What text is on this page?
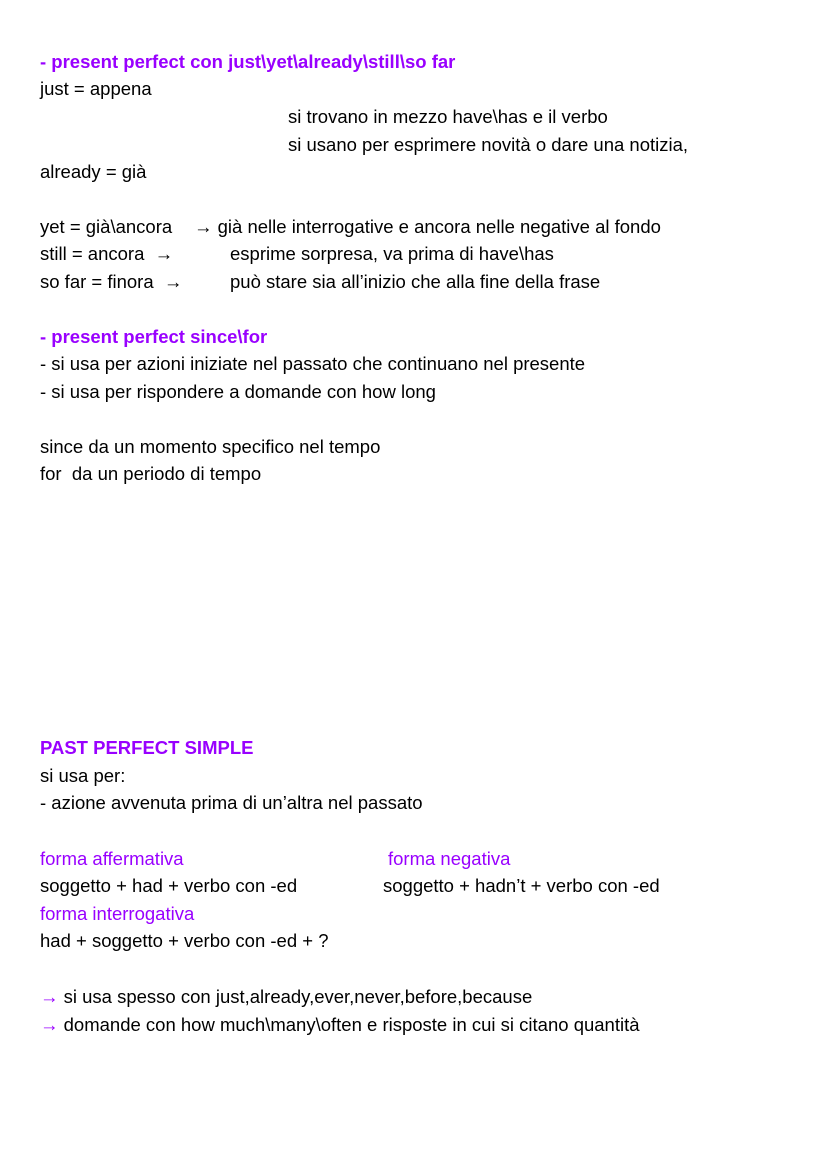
- present perfect con just\yet\already\still\so far
just = appena
si trovano in mezzo have\has e il verbo
si usano per esprimere novità o dare una notizia,
already = già
yet = già\ancora → già nelle interrogative e ancora nelle negative al fondo
still = ancora  →	esprime sorpresa, va prima di have\has
so far = finora  →	può stare sia all’inizio che alla fine della frase
- present perfect since\for
- si usa per azioni iniziate nel passato che continuano nel presente
- si usa per rispondere a domande con how long
since da un momento specifico nel tempo
for  da un periodo di tempo
PAST PERFECT SIMPLE
si usa per:
- azione avvenuta prima di un’altra nel passato
forma affermativa	forma negativa
soggetto + had + verbo con -ed	soggetto + hadn’t + verbo con -ed
forma interrogativa
had + soggetto + verbo con -ed + ?
→ si usa spesso con just,already,ever,never,before,because
→ domande con how much\many\often e risposte in cui si citano quantità
